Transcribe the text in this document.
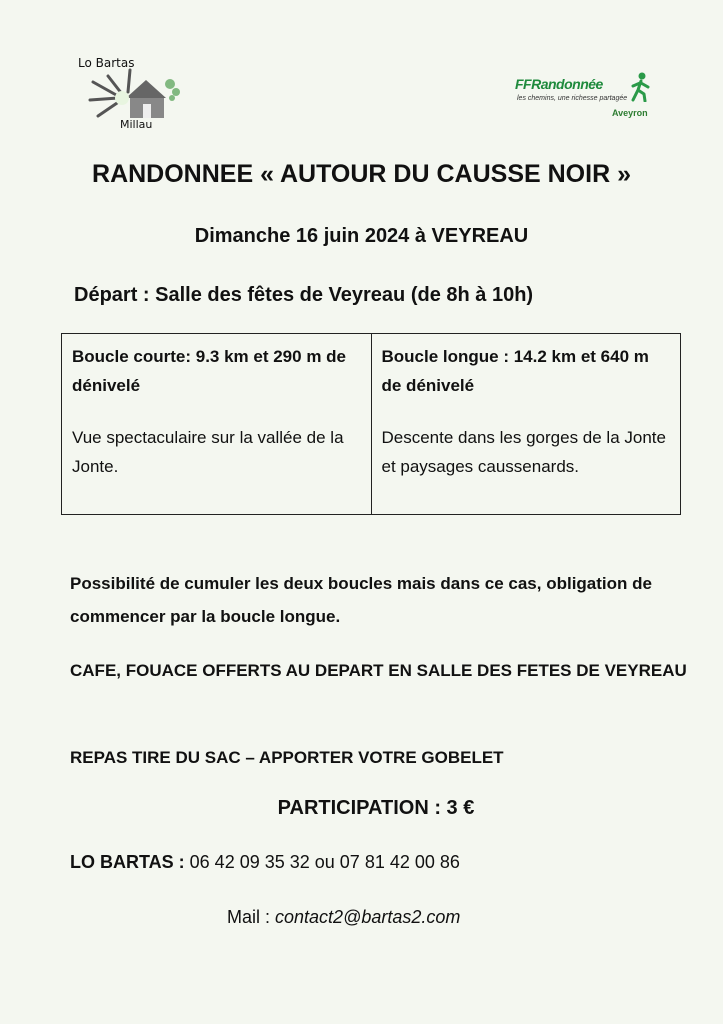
Lo Bartas
Millau
FFRandonnée
les chemins, une richesse partagée
Aveyron
RANDONNEE « AUTOUR DU CAUSSE NOIR »
Dimanche 16 juin 2024 à VEYREAU
Départ : Salle des fêtes de Veyreau (de 8h à 10h)
Boucle courte: 9.3 km et 290 m de dénivelé
Vue spectaculaire sur la vallée de la Jonte.
Boucle longue : 14.2 km et 640 m de dénivelé
Descente dans les gorges de la Jonte et paysages caussenards.
Possibilité de cumuler les deux boucles mais dans ce cas, obligation de commencer par la boucle longue.
CAFE, FOUACE OFFERTS AU DEPART EN SALLE DES FETES DE VEYREAU
REPAS TIRE DU SAC – APPORTER VOTRE GOBELET
PARTICIPATION : 3 €
LO BARTAS : 06 42 09 35 32 ou 07 81 42 00 86
Mail : contact2@bartas2.com
